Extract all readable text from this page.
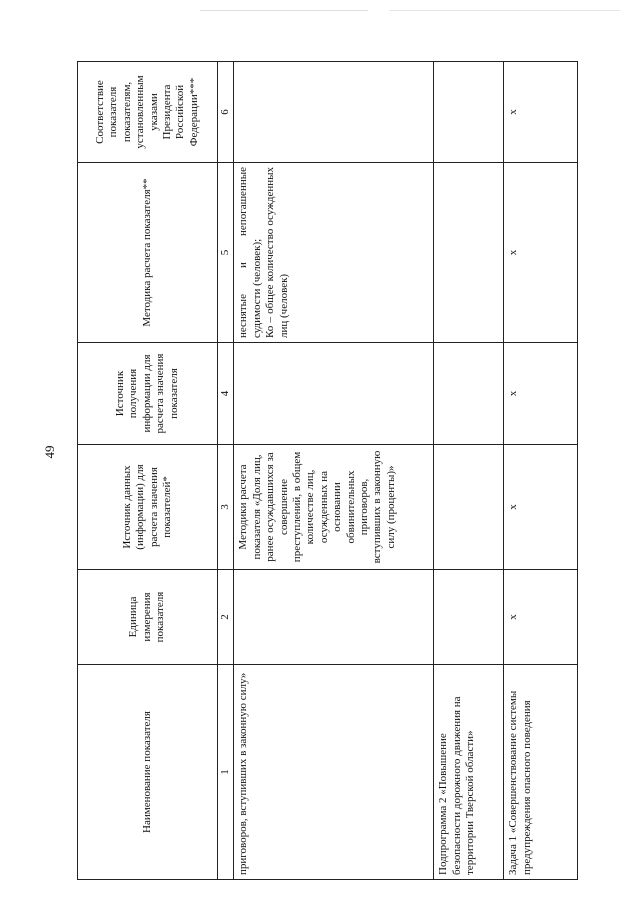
49
Наименование показателя	Единица измерения показателя	Источник данных (информации) для расчета значения показателей*	Источник получения информации для расчета значения показателя	Методика расчета показателя**	Соответствие показателя показателям, установленным указами Президента Российской Федерации***
1	2	3	4	5	6
приговоров, вступивших в законную силу»		Методики расчета показателя «Доля лиц, ранее осуждавшихся за совершение преступлений, в общем количестве лиц, осужденных на основании обвинительных приговоров, вступивших в законную силу (проценты)»		неснятые и непогашенные судимости (человек);
Ко – общее количество осужденных лиц (человек)	
Подпрограмма 2 «Повышение безопасности дорожного движения на территории Тверской области»					
Задача 1 «Совершенствование системы предупреждения опасного поведения	х	х	х	х	х
